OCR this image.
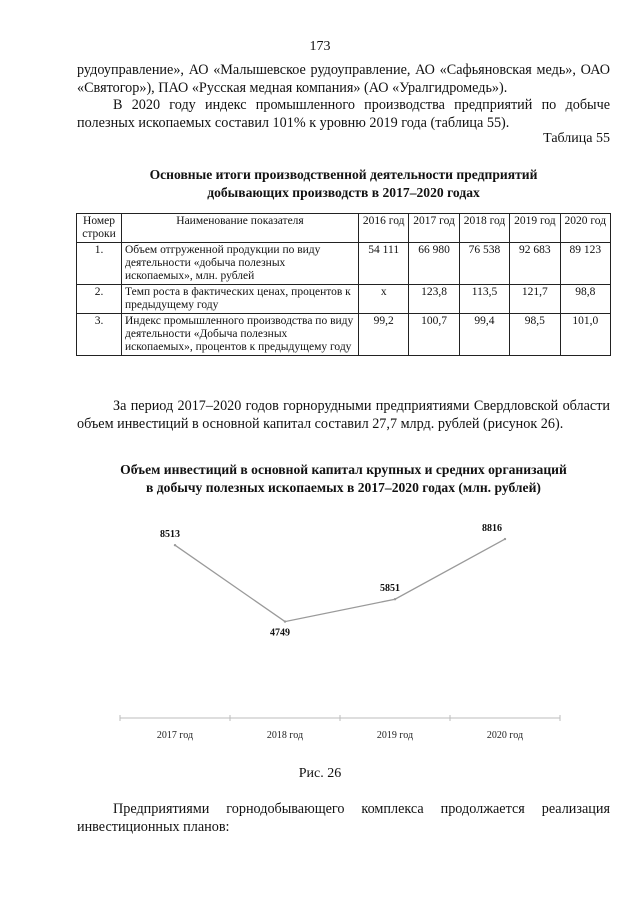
173
рудоуправление», АО «Малышевское рудоуправление, АО «Сафьяновская медь», ОАО «Святогор»), ПАО «Русская медная компания» (АО «Уралгидромедь»).
В 2020 году индекс промышленного производства предприятий по добыче полезных ископаемых составил 101% к уровню 2019 года (таблица 55).
Таблица 55
Основные итоги производственной деятельности предприятий
добывающих производств в 2017–2020 годах
Номер строки	Наименование показателя	2016 год	2017 год	2018 год	2019 год	2020 год
1.	Объем отгруженной продукции по виду деятельности «добыча полезных ископаемых», млн. рублей	54 111	66 980	76 538	92 683	89 123
2.	Темп роста в фактических ценах, процентов к предыдущему году	x	123,8	113,5	121,7	98,8
3.	Индекс промышленного производства по виду деятельности «Добыча полезных ископаемых», процентов к предыдущему году	99,2	100,7	99,4	98,5	101,0
За период 2017–2020 годов горнорудными предприятиями Свердловской области объем инвестиций в основной капитал составил 27,7 млрд. рублей (рисунок 26).
Объем инвестиций в основной капитал крупных и средних организаций
в добычу полезных ископаемых в 2017–2020 годах (млн. рублей)
8513
4749
5851
8816
2017 год	2018 год	2019 год	2020 год
Рис. 26
Предприятиями горнодобывающего комплекса продолжается реализация инвестиционных планов:
